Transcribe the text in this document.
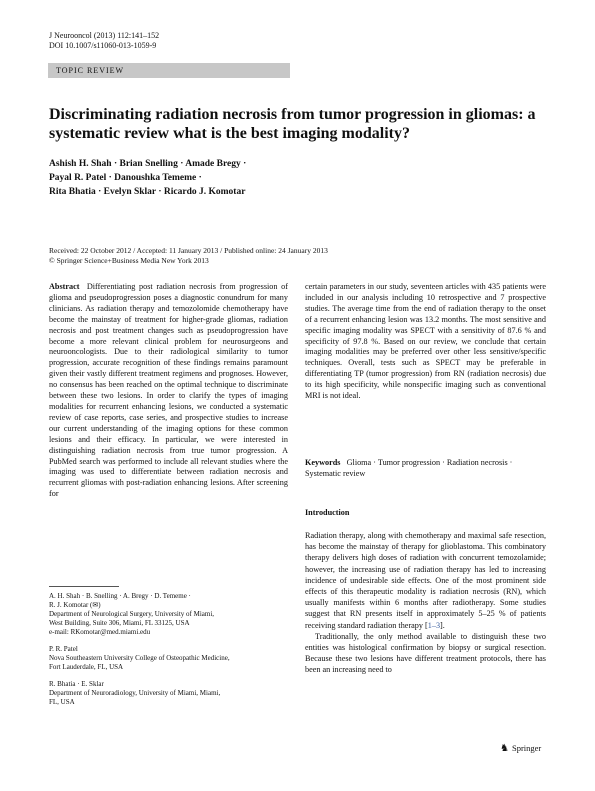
J Neurooncol (2013) 112:141–152
DOI 10.1007/s11060-013-1059-9
TOPIC REVIEW
Discriminating radiation necrosis from tumor progression in gliomas: a systematic review what is the best imaging modality?
Ashish H. Shah · Brian Snelling · Amade Bregy ·
Payal R. Patel · Danoushka Tememe ·
Rita Bhatia · Evelyn Sklar · Ricardo J. Komotar
Received: 22 October 2012 / Accepted: 11 January 2013 / Published online: 24 January 2013
© Springer Science+Business Media New York 2013
Abstract Differentiating post radiation necrosis from progression of glioma and pseudoprogression poses a diagnostic conundrum for many clinicians. As radiation therapy and temozolomide chemotherapy have become the mainstay of treatment for higher-grade gliomas, radiation necrosis and post treatment changes such as pseudoprogression have become a more relevant clinical problem for neurosurgeons and neurooncologists. Due to their radiological similarity to tumor progression, accurate recognition of these findings remains paramount given their vastly different treatment regimens and prognoses. However, no consensus has been reached on the optimal technique to discriminate between these two lesions. In order to clarify the types of imaging modalities for recurrent enhancing lesions, we conducted a systematic review of case reports, case series, and prospective studies to increase our current understanding of the imaging options for these common lesions and their efficacy. In particular, we were interested in distinguishing radiation necrosis from true tumor progression. A PubMed search was performed to include all relevant studies where the imaging was used to differentiate between radiation necrosis and recurrent gliomas with post-radiation enhancing lesions. After screening for

A. H. Shah · B. Snelling · A. Bregy · D. Tememe ·
R. J. Komotar (✉)
Department of Neurological Surgery, University of Miami,
West Building, Suite 306, Miami, FL 33125, USA
e-mail: RKomotar@med.miami.edu

P. R. Patel
Nova Southeastern University College of Osteopathic Medicine,
Fort Lauderdale, FL, USA

R. Bhatia · E. Sklar
Department of Neuroradiology, University of Miami, Miami,
FL, USA

certain parameters in our study, seventeen articles with 435 patients were included in our analysis including 10 retrospective and 7 prospective studies. The average time from the end of radiation therapy to the onset of a recurrent enhancing lesion was 13.2 months. The most sensitive and specific imaging modality was SPECT with a sensitivity of 87.6 % and specificity of 97.8 %. Based on our review, we conclude that certain imaging modalities may be preferred over other less sensitive/specific techniques. Overall, tests such as SPECT may be preferable in differentiating TP (tumor progression) from RN (radiation necrosis) due to its high specificity, while nonspecific imaging such as conventional MRI is not ideal.
Keywords Glioma · Tumor progression · Radiation necrosis · Systematic review
Introduction

Radiation therapy, along with chemotherapy and maximal safe resection, has become the mainstay of therapy for glioblastoma. This combinatory therapy delivers high doses of radiation with concurrent temozolamide; however, the increasing use of radiation therapy has led to increasing incidence of undesirable side effects. One of the most prominent side effects of this therapeutic modality is radiation necrosis (RN), which usually manifests within 6 months after radiotherapy. Some studies suggest that RN presents itself in approximately 5–25 % of patients receiving standard radiation therapy [1–3].

Traditionally, the only method available to distinguish these two entities was histological confirmation by biopsy or surgical resection. Because these two lesions have different treatment protocols, there has been an increasing need to

♞ Springer
